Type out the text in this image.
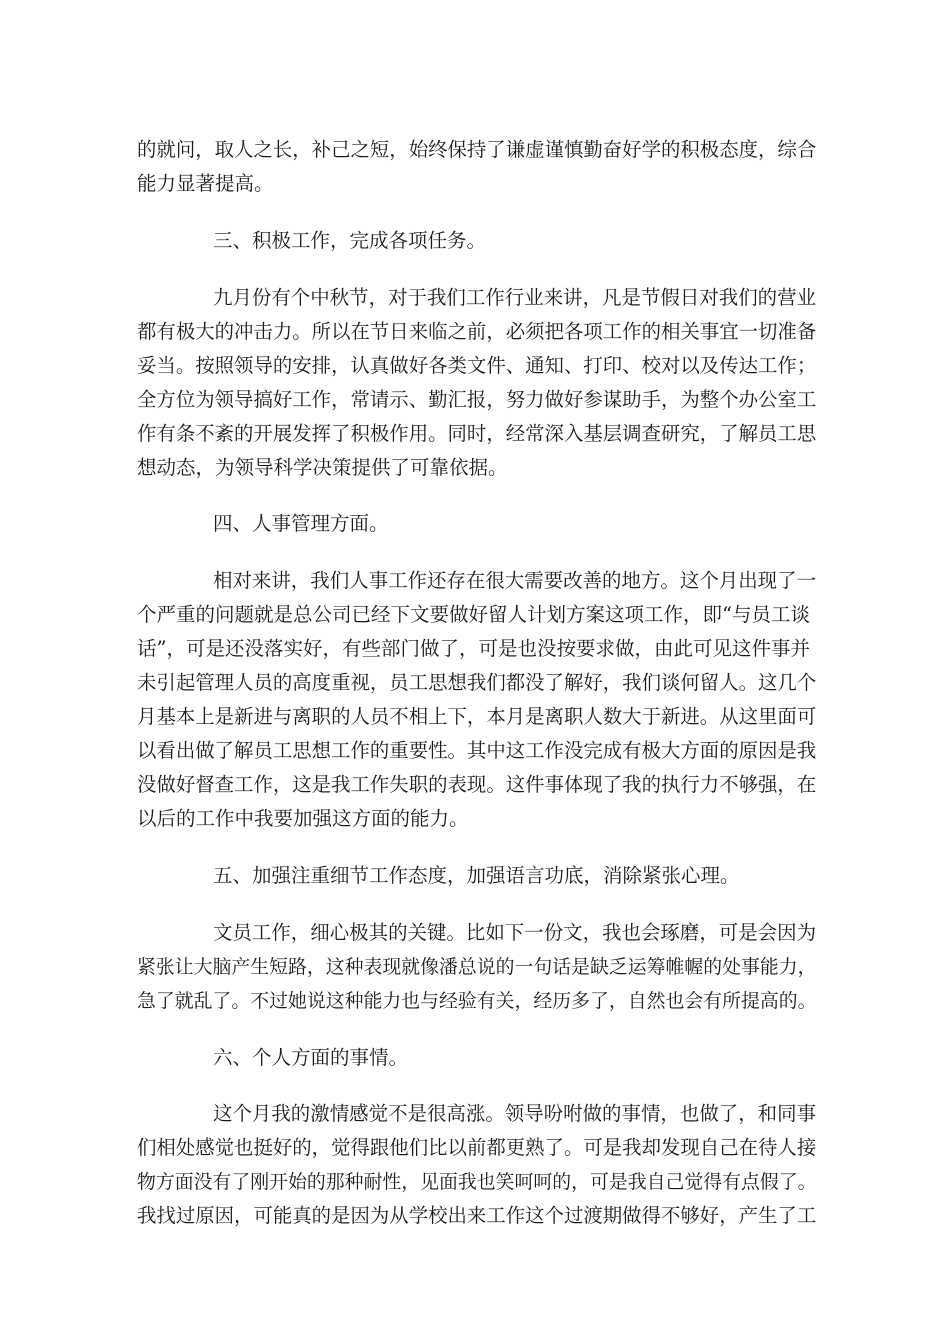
的就问，取人之长，补己之短，始终保持了谦虚谨慎勤奋好学的积极态度，综合
能力显著提高。
三、积极工作，完成各项任务。
九月份有个中秋节，对于我们工作行业来讲，凡是节假日对我们的营业
都有极大的冲击力。所以在节日来临之前，必须把各项工作的相关事宜一切准备
妥当。按照领导的安排，认真做好各类文件、通知、打印、校对以及传达工作；
全方位为领导搞好工作，常请示、勤汇报，努力做好参谋助手，为整个办公室工
作有条不紊的开展发挥了积极作用。同时，经常深入基层调查研究，了解员工思
想动态，为领导科学决策提供了可靠依据。
四、人事管理方面。
相对来讲，我们人事工作还存在很大需要改善的地方。这个月出现了一
个严重的问题就是总公司已经下文要做好留人计划方案这项工作，即“与员工谈
话”，可是还没落实好，有些部门做了，可是也没按要求做，由此可见这件事并
未引起管理人员的高度重视，员工思想我们都没了解好，我们谈何留人。这几个
月基本上是新进与离职的人员不相上下，本月是离职人数大于新进。从这里面可
以看出做了解员工思想工作的重要性。其中这工作没完成有极大方面的原因是我
没做好督查工作，这是我工作失职的表现。这件事体现了我的执行力不够强，在
以后的工作中我要加强这方面的能力。
五、加强注重细节工作态度，加强语言功底，消除紧张心理。
文员工作，细心极其的关键。比如下一份文，我也会琢磨，可是会因为
紧张让大脑产生短路，这种表现就像潘总说的一句话是缺乏运筹帷幄的处事能力，
急了就乱了。不过她说这种能力也与经验有关，经历多了，自然也会有所提高的。
六、个人方面的事情。
这个月我的激情感觉不是很高涨。领导吩咐做的事情，也做了，和同事
们相处感觉也挺好的，觉得跟他们比以前都更熟了。可是我却发现自己在待人接
物方面没有了刚开始的那种耐性，见面我也笑呵呵的，可是我自己觉得有点假了。
我找过原因，可能真的是因为从学校出来工作这个过渡期做得不够好，产生了工
